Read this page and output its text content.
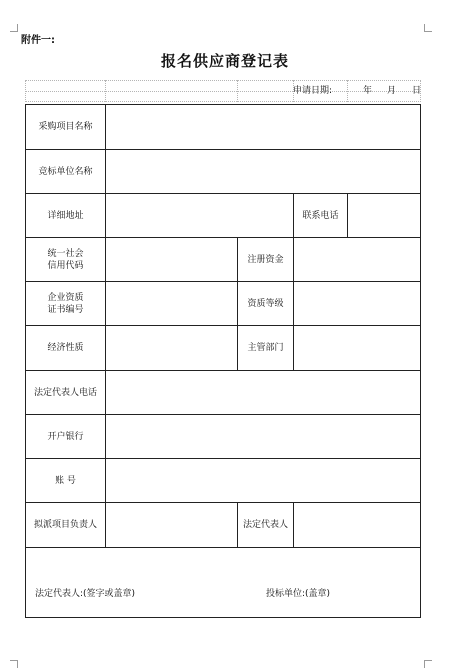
附件一:
报名供应商登记表
申请日期:	年 月 日
采购项目名称				
竞标单位名称				
详细地址			联系电话	

统一社会
信用代码		注册资金		

企业资质
证书编号		资质等级		
经济性质		主管部门		
法定代表人电话				
开户银行				
账 号				
拟派项目负责人		法定代表人		

法定代表人:(签字或盖章) 投标单位:(盖章)				
